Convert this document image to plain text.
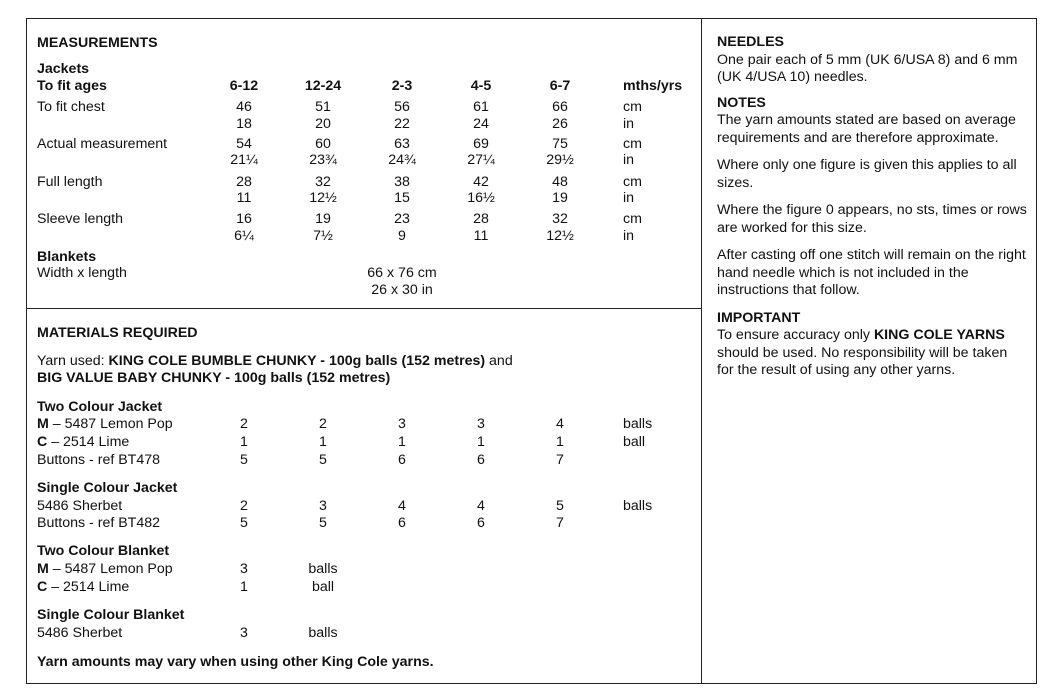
MEASUREMENTS
Jackets
To fit ages	6-12	12-24	2-3	4-5	6-7	mths/yrs
To fit chest	46	51	56	61	66	cm
18	20	22	24	26	in
Actual measurement	54	60	63	69	75	cm
21¼	23¾	24¾	27¼	29½	in
Full length	28	32	38	42	48	cm
11	12½	15	16½	19	in
Sleeve length	16	19	23	28	32	cm
6¼	7½	9	11	12½	in
Blankets
Width x length	66 x 76 cm
26 x 30 in
MATERIALS REQUIRED
Yarn used: KING COLE BUMBLE CHUNKY - 100g balls (152 metres) and
BIG VALUE BABY CHUNKY - 100g balls (152 metres)
Two Colour Jacket
M – 5487 Lemon Pop	2	2	3	3	4	balls
C – 2514 Lime	1	1	1	1	1	ball
Buttons - ref BT478	5	5	6	6	7
Single Colour Jacket
5486 Sherbet	2	3	4	4	5	balls
Buttons - ref BT482	5	5	6	6	7
Two Colour Blanket
M – 5487 Lemon Pop	3	balls
C – 2514 Lime	1	ball
Single Colour Blanket
5486 Sherbet	3	balls
Yarn amounts may vary when using other King Cole yarns.

NEEDLES

One pair each of 5 mm (UK 6/USA 8) and 6 mm (UK 4/USA 10) needles.

NOTES

The yarn amounts stated are based on average requirements and are therefore approximate.

Where only one figure is given this applies to all sizes.

Where the figure 0 appears, no sts, times or rows are worked for this size.

After casting off one stitch will remain on the right hand needle which is not included in the instructions that follow.

IMPORTANT

To ensure accuracy only KING COLE YARNS should be used. No responsibility will be taken for the result of using any other yarns.
